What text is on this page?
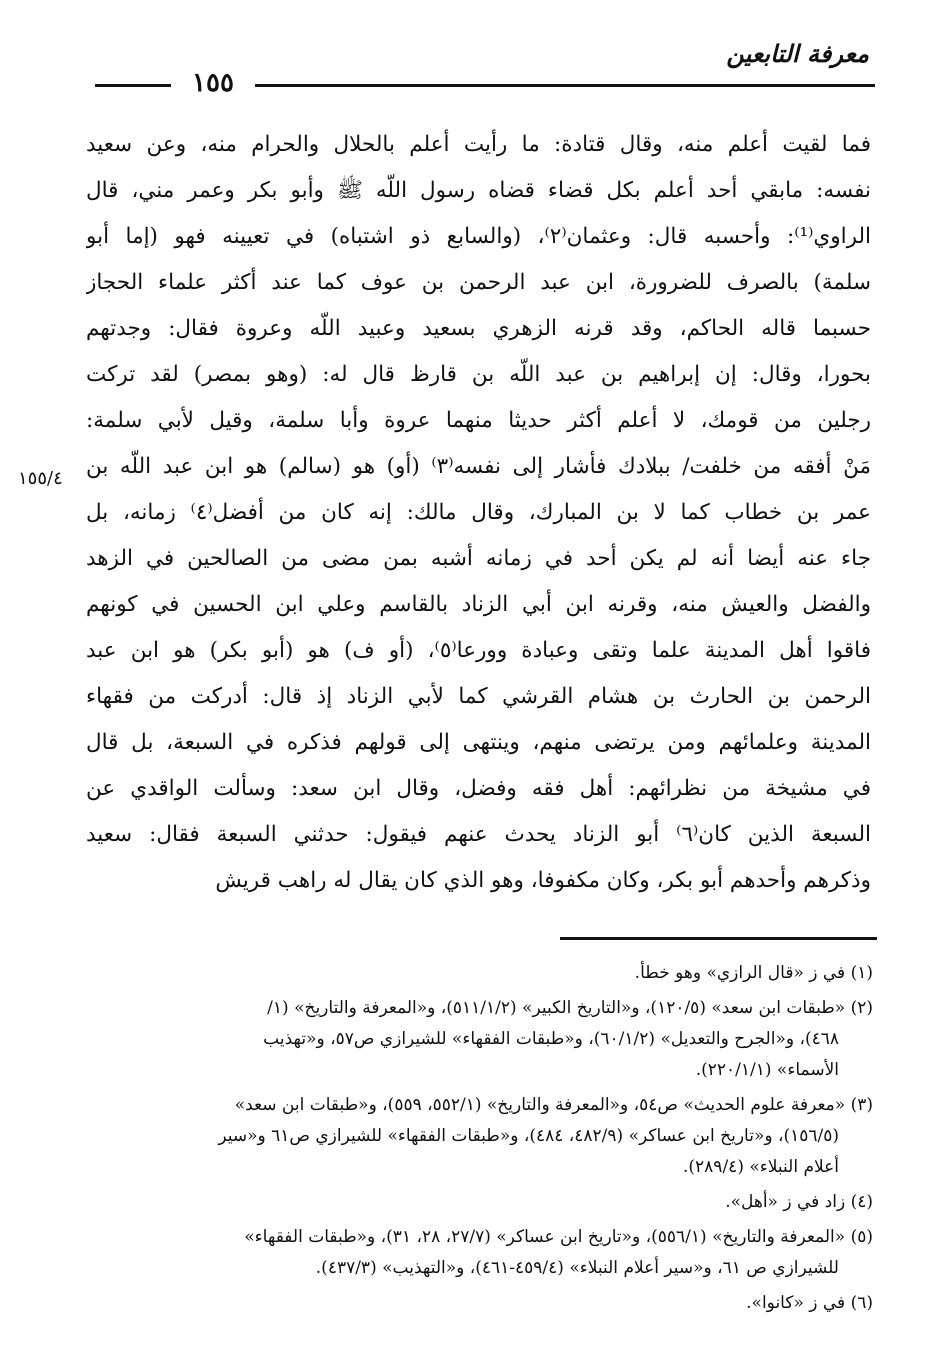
معرفة التابعين
١٥٥
١٥٥/٤
فما لقيت أعلم منه، وقال قتادة: ما رأيت أعلم بالحلال والحرام منه، وعن سعيد
نفسه: مابقي أحد أعلم بكل قضاء قضاه رسول اللّه ﷺ وأبو بكر وعمر مني، قال
الراوي⁽¹⁾: وأحسبه قال: وعثمان⁽٢⁾، (والسابع ذو اشتباه) في تعيينه فهو (إما أبو
سلمة) بالصرف للضرورة، ابن عبد الرحمن بن عوف كما عند أكثر علماء الحجاز
حسبما قاله الحاكم، وقد قرنه الزهري بسعيد وعبيد اللّه وعروة فقال: وجدتهم
بحورا، وقال: إن إبراهيم بن عبد اللّه بن قارظ قال له: (وهو بمصر) لقد تركت
رجلين من قومك، لا أعلم أكثر حديثا منهما عروة وأبا سلمة، وقيل لأبي سلمة:
مَنْ أفقه من خلفت/ ببلادك فأشار إلى نفسه⁽٣⁾ (أو) هو (سالم) هو ابن عبد اللّه بن
عمر بن خطاب كما لا بن المبارك، وقال مالك: إنه كان من أفضل⁽٤⁾ زمانه، بل
جاء عنه أيضا أنه لم يكن أحد في زمانه أشبه بمن مضى من الصالحين في الزهد
والفضل والعيش منه، وقرنه ابن أبي الزناد بالقاسم وعلي ابن الحسين في كونهم
فاقوا أهل المدينة علما وتقى وعبادة وورعا⁽٥⁾، (أو ف) هو (أبو بكر) هو ابن عبد
الرحمن بن الحارث بن هشام القرشي كما لأبي الزناد إذ قال: أدركت من فقهاء
المدينة وعلمائهم ومن يرتضى منهم، وينتهى إلى قولهم فذكره في السبعة، بل قال
في مشيخة من نظرائهم: أهل فقه وفضل، وقال ابن سعد: وسألت الواقدي عن
السبعة الذين كان⁽٦⁾ أبو الزناد يحدث عنهم فيقول: حدثني السبعة فقال: سعيد
وذكرهم وأحدهم أبو بكر، وكان مكفوفا، وهو الذي كان يقال له راهب قريش
(١) في ز «قال الرازي» وهو خطأ.
(٢) «طبقات ابن سعد» (١٢٠/٥)، و«التاريخ الكبير» (٥١١/١/٢)، و«المعرفة والتاريخ» (١/
٤٦٨)، و«الجرح والتعديل» (٦٠/١/٢)، و«طبقات الفقهاء» للشيرازي ص٥٧، و«تهذيب
الأسماء» (٢٢٠/١/١).
(٣) «معرفة علوم الحديث» ص٥٤، و«المعرفة والتاريخ» (٥٥٢/١، ٥٥٩)، و«طبقات ابن سعد»
(١٥٦/٥)، و«تاريخ ابن عساكر» (٤٨٢/٩، ٤٨٤)، و«طبقات الفقهاء» للشيرازي ص٦١ و«سير
أعلام النبلاء» (٢٨٩/٤).
(٤) زاد في ز «أهل».
(٥) «المعرفة والتاريخ» (٥٥٦/١)، و«تاريخ ابن عساكر» (٢٧/٧، ٢٨، ٣١)، و«طبقات الفقهاء»
للشيرازي ص ٦١، و«سير أعلام النبلاء» (٤٥٩/٤-٤٦١)، و«التهذيب» (٤٣٧/٣).
(٦) في ز «كانوا».
